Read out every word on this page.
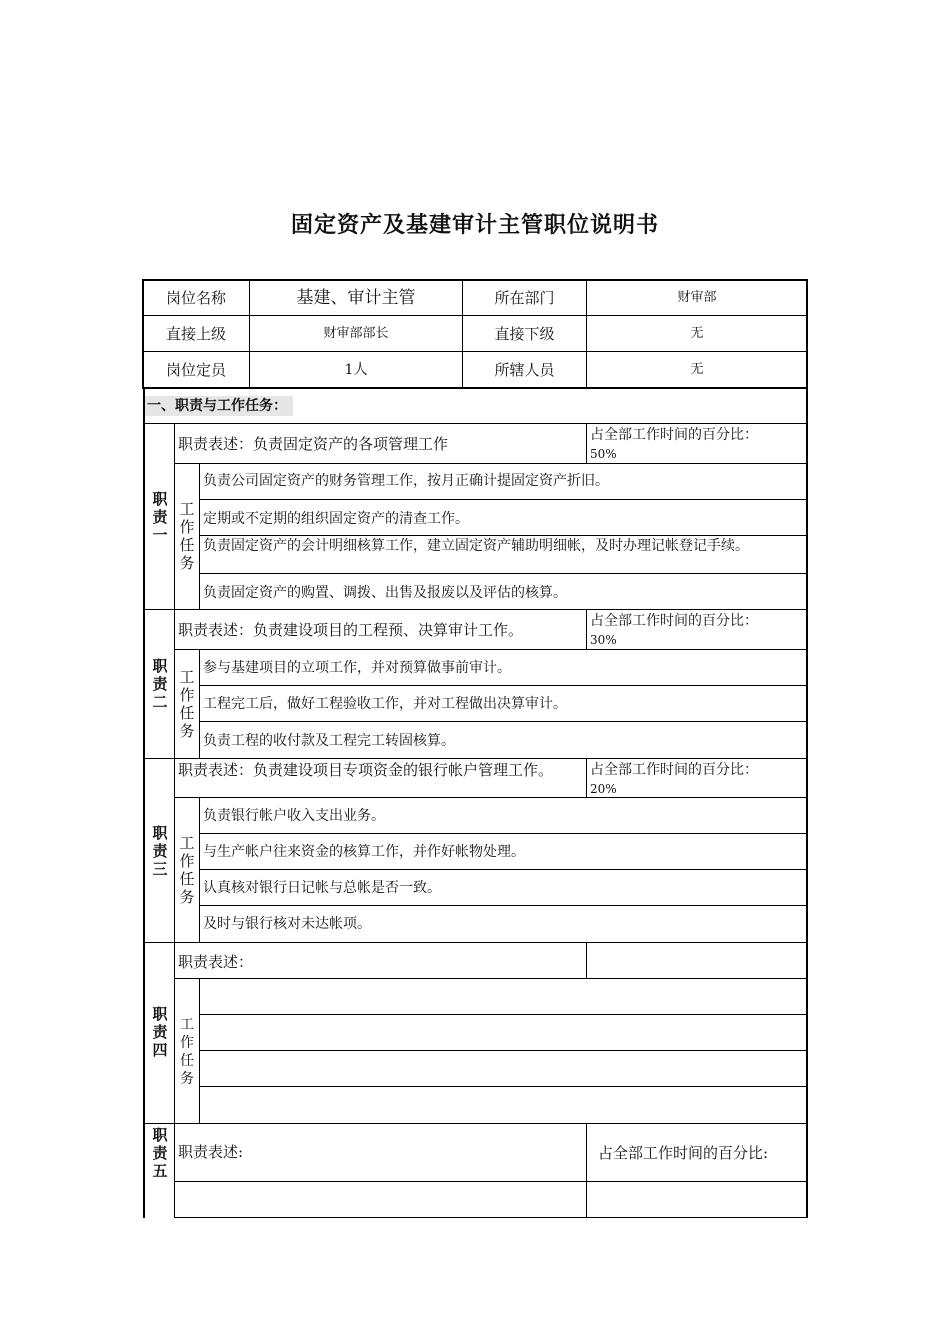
固定资产及基建审计主管职位说明书
岗位名称	基建、审计主管	所在部门	财审部
直接上级	财审部部长	直接下级	无
岗位定员	1人	所辖人员	无
一、职责与工作任务：
职责一
职责表述：负责固定资产的各项管理工作	占全部工作时间的百分比：
50%
工作任务
负责公司固定资产的财务管理工作，按月正确计提固定资产折旧。
定期或不定期的组织固定资产的清查工作。
负责固定资产的会计明细核算工作，建立固定资产辅助明细帐，及时办理记帐登记手续。
负责固定资产的购置、调拨、出售及报废以及评估的核算。
职责二
职责表述：负责建设项目的工程预、决算审计工作。	占全部工作时间的百分比：
30%
工作任务
参与基建项目的立项工作，并对预算做事前审计。
工程完工后，做好工程验收工作，并对工程做出决算审计。
负责工程的收付款及工程完工转固核算。
职责三
职责表述：负责建设项目专项资金的银行帐户管理工作。	占全部工作时间的百分比：
20%
工作任务
负责银行帐户收入支出业务。
与生产帐户往来资金的核算工作，并作好帐物处理。
认真核对银行日记帐与总帐是否一致。
及时与银行核对未达帐项。
职责四
职责表述：
工作任务
职责五
职责表述:	占全部工作时间的百分比:
